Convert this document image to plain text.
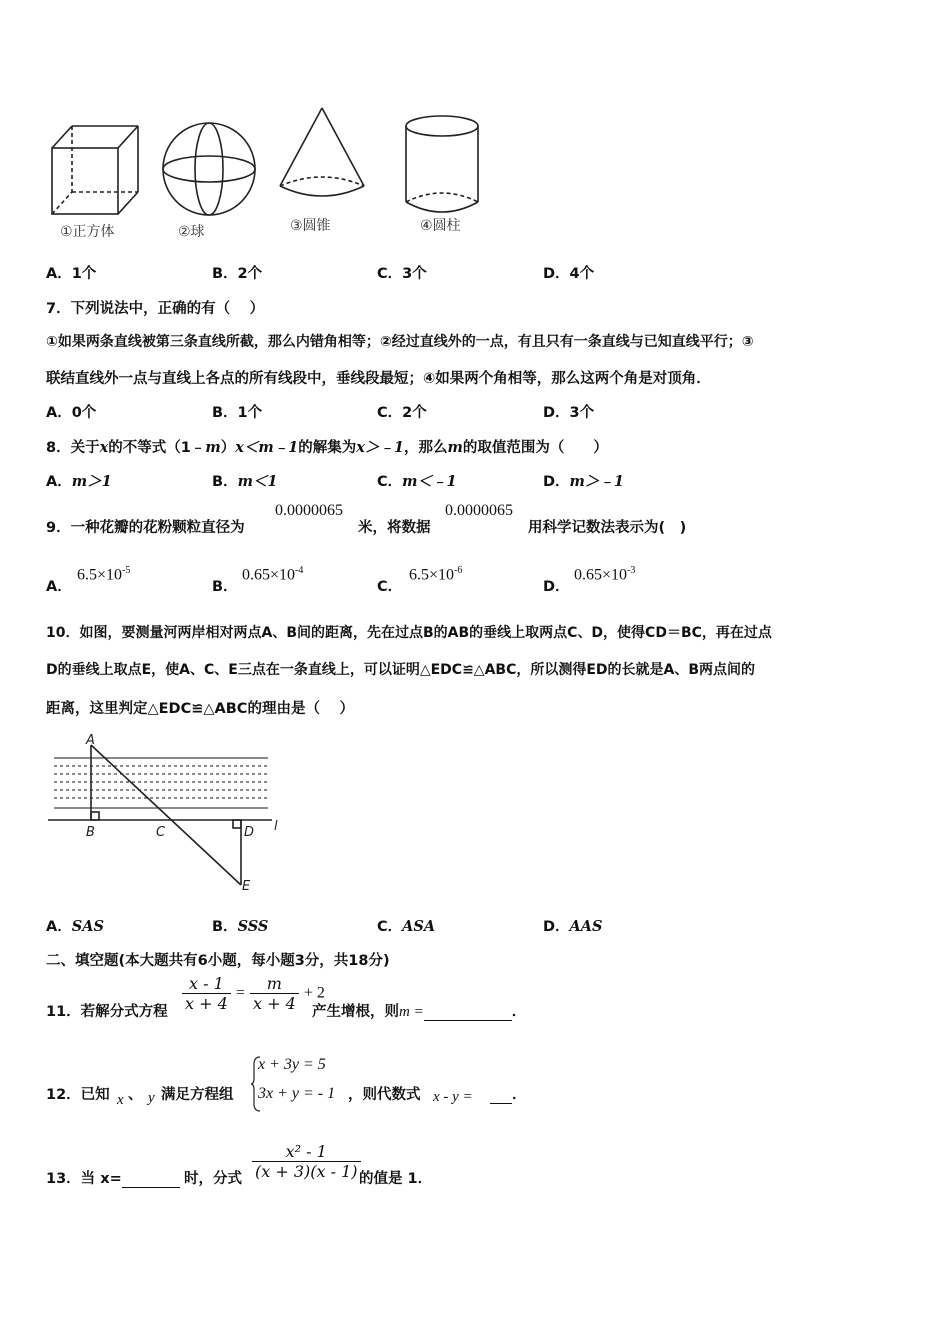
①正方体	②球	③圆锥	④圆柱
A．1个	B．2个	C．3个	D．4个
7．下列说法中，正确的有（　 ）
①如果两条直线被第三条直线所截，那么内错角相等；②经过直线外的一点，有且只有一条直线与已知直线平行；③
联结直线外一点与直线上各点的所有线段中，垂线段最短；④如果两个角相等，那么这两个角是对顶角．
A．0个	B．1个	C．2个	D．3个
8．关于x的不等式（1﹣m）x＜m﹣1的解集为x＞﹣1，那么m的取值范围为（　　）
A．m＞1	B．m＜1	C．m＜﹣1	D．m＞﹣1
9．一种花瓣的花粉颗粒直径为
0.0000065
米，将数据
0.0000065
用科学记数法表示为(　)
A．
$6.5\times 10^{-5}$
B．
$0.65\times 10^{-4}$
C．
$6.5\times 10^{-6}$
D．
$0.65\times 10^{-3}$
10．如图，要测量河两岸相对两点A、B间的距离，先在过点B的AB的垂线上取两点C、D，使得CD＝BC，再在过点
D的垂线上取点E，使A、C、E三点在一条直线上，可以证明△EDC≌△ABC，所以测得ED的长就是A、B两点间的
距离，这里判定△EDC≌△ABC的理由是（　 ）
A
B	C	D
E
l
A．SAS	B．SSS	C．ASA	D．AAS
二、填空题(本大题共有6小题，每小题3分，共18分)
11．若解分式方程 $\frac{x - 1}{x + 4} = \frac{m}{x + 4} + 2$
产生增根，则m =	．
12．已知 x 、 y 满足方程组
x + 3y = 5
3x + y = - 1 ，则代数式 x - y =	．
13．当 x=	时，分式 $\frac{\text{x² - 1}}{(x + 3)(x - 1)}$
的值是 1．
